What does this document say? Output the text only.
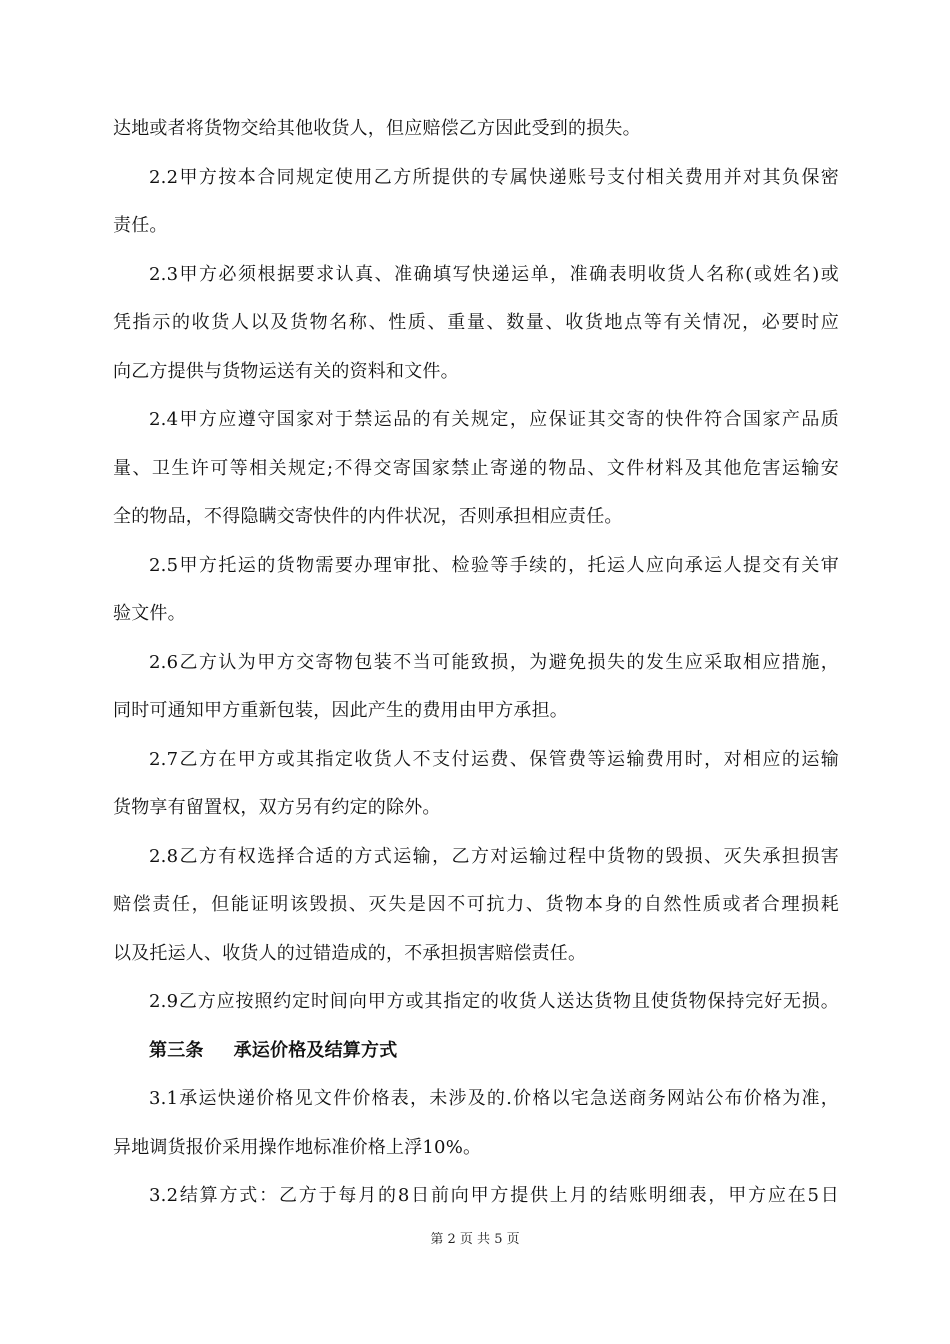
达地或者将货物交给其他收货人，但应赔偿乙方因此受到的损失。
2.2甲方按本合同规定使用乙方所提供的专属快递账号支付相关费用并对其负保密
责任。
2.3甲方必须根据要求认真、准确填写快递运单，准确表明收货人名称(或姓名)或
凭指示的收货人以及货物名称、性质、重量、数量、收货地点等有关情况，必要时应
向乙方提供与货物运送有关的资料和文件。
2.4甲方应遵守国家对于禁运品的有关规定，应保证其交寄的快件符合国家产品质
量、卫生许可等相关规定;不得交寄国家禁止寄递的物品、文件材料及其他危害运输安
全的物品，不得隐瞒交寄快件的内件状况，否则承担相应责任。
2.5甲方托运的货物需要办理审批、检验等手续的，托运人应向承运人提交有关审
验文件。
2.6乙方认为甲方交寄物包装不当可能致损，为避免损失的发生应采取相应措施，
同时可通知甲方重新包装，因此产生的费用由甲方承担。
2.7乙方在甲方或其指定收货人不支付运费、保管费等运输费用时，对相应的运输
货物享有留置权，双方另有约定的除外。
2.8乙方有权选择合适的方式运输，乙方对运输过程中货物的毁损、灭失承担损害
赔偿责任，但能证明该毁损、灭失是因不可抗力、货物本身的自然性质或者合理损耗
以及托运人、收货人的过错造成的，不承担损害赔偿责任。
2.9乙方应按照约定时间向甲方或其指定的收货人送达货物且使货物保持完好无损。
第三条 承运价格及结算方式
3.1承运快递价格见文件价格表，未涉及的.价格以宅急送商务网站公布价格为准，
异地调货报价采用操作地标准价格上浮10%。
3.2结算方式：乙方于每月的8日前向甲方提供上月的结账明细表，甲方应在5日
第 2 页 共 5 页
